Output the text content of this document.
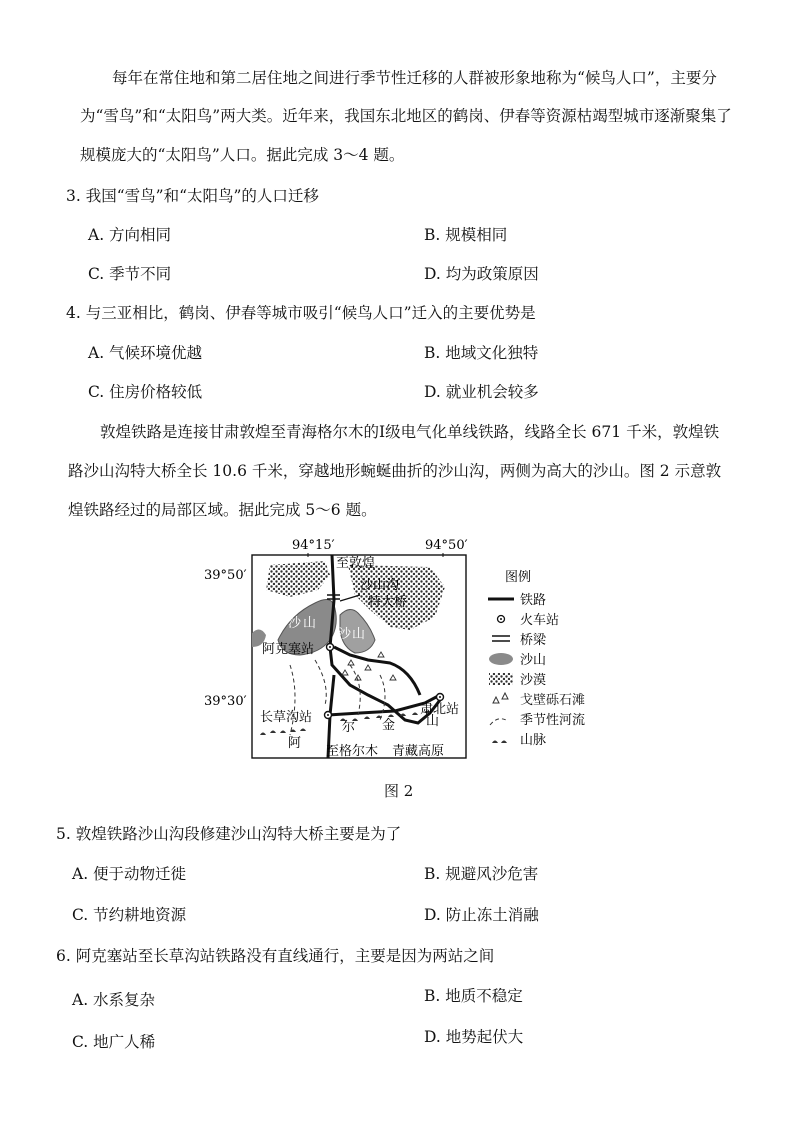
每年在常住地和第二居住地之间进行季节性迁移的人群被形象地称为“候鸟人口”，主要分
为“雪鸟”和“太阳鸟”两大类。近年来，我国东北地区的鹤岗、伊春等资源枯竭型城市逐渐聚集了
规模庞大的“太阳鸟”人口。据此完成 3～4 题。
3. 我国“雪鸟”和“太阳鸟”的人口迁移
A. 方向相同	B. 规模相同
C. 季节不同	D. 均为政策原因
4. 与三亚相比，鹤岗、伊春等城市吸引“候鸟人口”迁入的主要优势是
A. 气候环境优越	B. 地域文化独特
C. 住房价格较低	D. 就业机会较多
敦煌铁路是连接甘肃敦煌至青海格尔木的Ⅰ级电气化单线铁路，线路全长 671 千米，敦煌铁
路沙山沟特大桥全长 10.6 千米，穿越地形蜿蜒曲折的沙山沟，两侧为高大的沙山。图 2 示意敦
煌铁路经过的局部区域。据此完成 5～6 题。
94°15′	94°50′
39°50′
39°30′
至敦煌
沙山沟
特大桥
沙 山
沙 山
阿克塞站
长草沟站
肃北站
阿
尔 金 山
至格尔木 青藏高原
图例
铁路
火车站
桥梁
沙山
沙漠
戈壁砾石滩
季节性河流
山脉
图 2
5. 敦煌铁路沙山沟段修建沙山沟特大桥主要是为了
A. 便于动物迁徙	B. 规避风沙危害
C. 节约耕地资源	D. 防止冻土消融
6. 阿克塞站至长草沟站铁路没有直线通行，主要是因为两站之间
A. 水系复杂	B. 地质不稳定
C. 地广人稀	D. 地势起伏大
